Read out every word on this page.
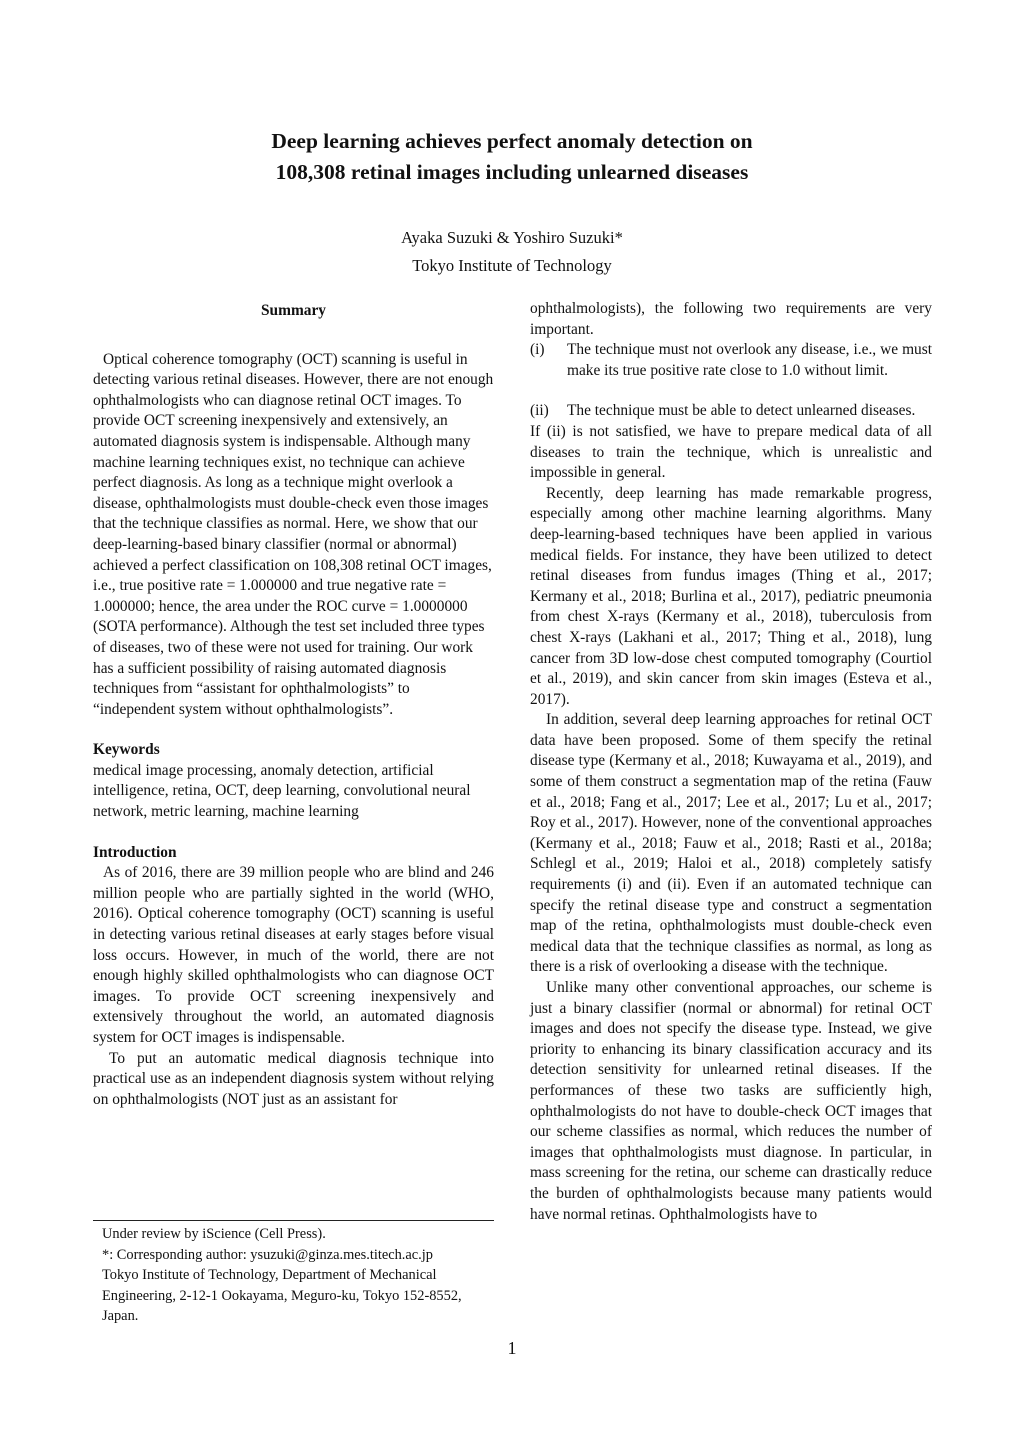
Deep learning achieves perfect anomaly detection on
108,308 retinal images including unlearned diseases
Ayaka Suzuki & Yoshiro Suzuki*
Tokyo Institute of Technology
Summary

Optical coherence tomography (OCT) scanning is useful in detecting various retinal diseases. However, there are not enough ophthalmologists who can diagnose retinal OCT images. To provide OCT screening inexpensively and extensively, an automated diagnosis system is indispensable. Although many machine learning techniques exist, no technique can achieve perfect diagnosis. As long as a technique might overlook a disease, ophthalmologists must double-check even those images that the technique classifies as normal. Here, we show that our deep-learning-based binary classifier (normal or abnormal) achieved a perfect classification on 108,308 retinal OCT images, i.e., true positive rate = 1.000000 and true negative rate = 1.000000; hence, the area under the ROC curve = 1.0000000 (SOTA performance). Although the test set included three types of diseases, two of these were not used for training. Our work has a sufficient possibility of raising automated diagnosis techniques from “assistant for ophthalmologists” to “independent system without ophthalmologists”.

Keywords

medical image processing, anomaly detection, artificial intelligence, retina, OCT, deep learning, convolutional neural network, metric learning, machine learning

Introduction

As of 2016, there are 39 million people who are blind and 246 million people who are partially sighted in the world (WHO, 2016). Optical coherence tomography (OCT) scanning is useful in detecting various retinal diseases at early stages before visual loss occurs. However, in much of the world, there are not enough highly skilled ophthalmologists who can diagnose OCT images. To provide OCT screening inexpensively and extensively throughout the world, an automated diagnosis system for OCT images is indispensable.

To put an automatic medical diagnosis technique into practical use as an independent diagnosis system without relying on ophthalmologists (NOT just as an assistant for

Under review by iScience (Cell Press).
*: Corresponding author: ysuzuki@ginza.mes.titech.ac.jp
Tokyo Institute of Technology, Department of Mechanical Engineering, 2-12-1 Ookayama, Meguro-ku, Tokyo 152-8552, Japan.

ophthalmologists), the following two requirements are very important.

(i)	The technique must not overlook any disease, i.e., we must make its true positive rate close to 1.0 without limit.
(ii)	The technique must be able to detect unlearned diseases.

If (ii) is not satisfied, we have to prepare medical data of all diseases to train the technique, which is unrealistic and impossible in general.

Recently, deep learning has made remarkable progress, especially among other machine learning algorithms. Many deep-learning-based techniques have been applied in various medical fields. For instance, they have been utilized to detect retinal diseases from fundus images (Thing et al., 2017; Kermany et al., 2018; Burlina et al., 2017), pediatric pneumonia from chest X-rays (Kermany et al., 2018), tuberculosis from chest X-rays (Lakhani et al., 2017; Thing et al., 2018), lung cancer from 3D low-dose chest computed tomography (Courtiol et al., 2019), and skin cancer from skin images (Esteva et al., 2017).

In addition, several deep learning approaches for retinal OCT data have been proposed. Some of them specify the retinal disease type (Kermany et al., 2018; Kuwayama et al., 2019), and some of them construct a segmentation map of the retina (Fauw et al., 2018; Fang et al., 2017; Lee et al., 2017; Lu et al., 2017; Roy et al., 2017). However, none of the conventional approaches (Kermany et al., 2018; Fauw et al., 2018; Rasti et al., 2018a; Schlegl et al., 2019; Haloi et al., 2018) completely satisfy requirements (i) and (ii). Even if an automated technique can specify the retinal disease type and construct a segmentation map of the retina, ophthalmologists must double-check even medical data that the technique classifies as normal, as long as there is a risk of overlooking a disease with the technique.

Unlike many other conventional approaches, our scheme is just a binary classifier (normal or abnormal) for retinal OCT images and does not specify the disease type. Instead, we give priority to enhancing its binary classification accuracy and its detection sensitivity for unlearned retinal diseases. If the performances of these two tasks are sufficiently high, ophthalmologists do not have to double-check OCT images that our scheme classifies as normal, which reduces the number of images that ophthalmologists must diagnose. In particular, in mass screening for the retina, our scheme can drastically reduce the burden of ophthalmologists because many patients would have normal retinas. Ophthalmologists have to

1
